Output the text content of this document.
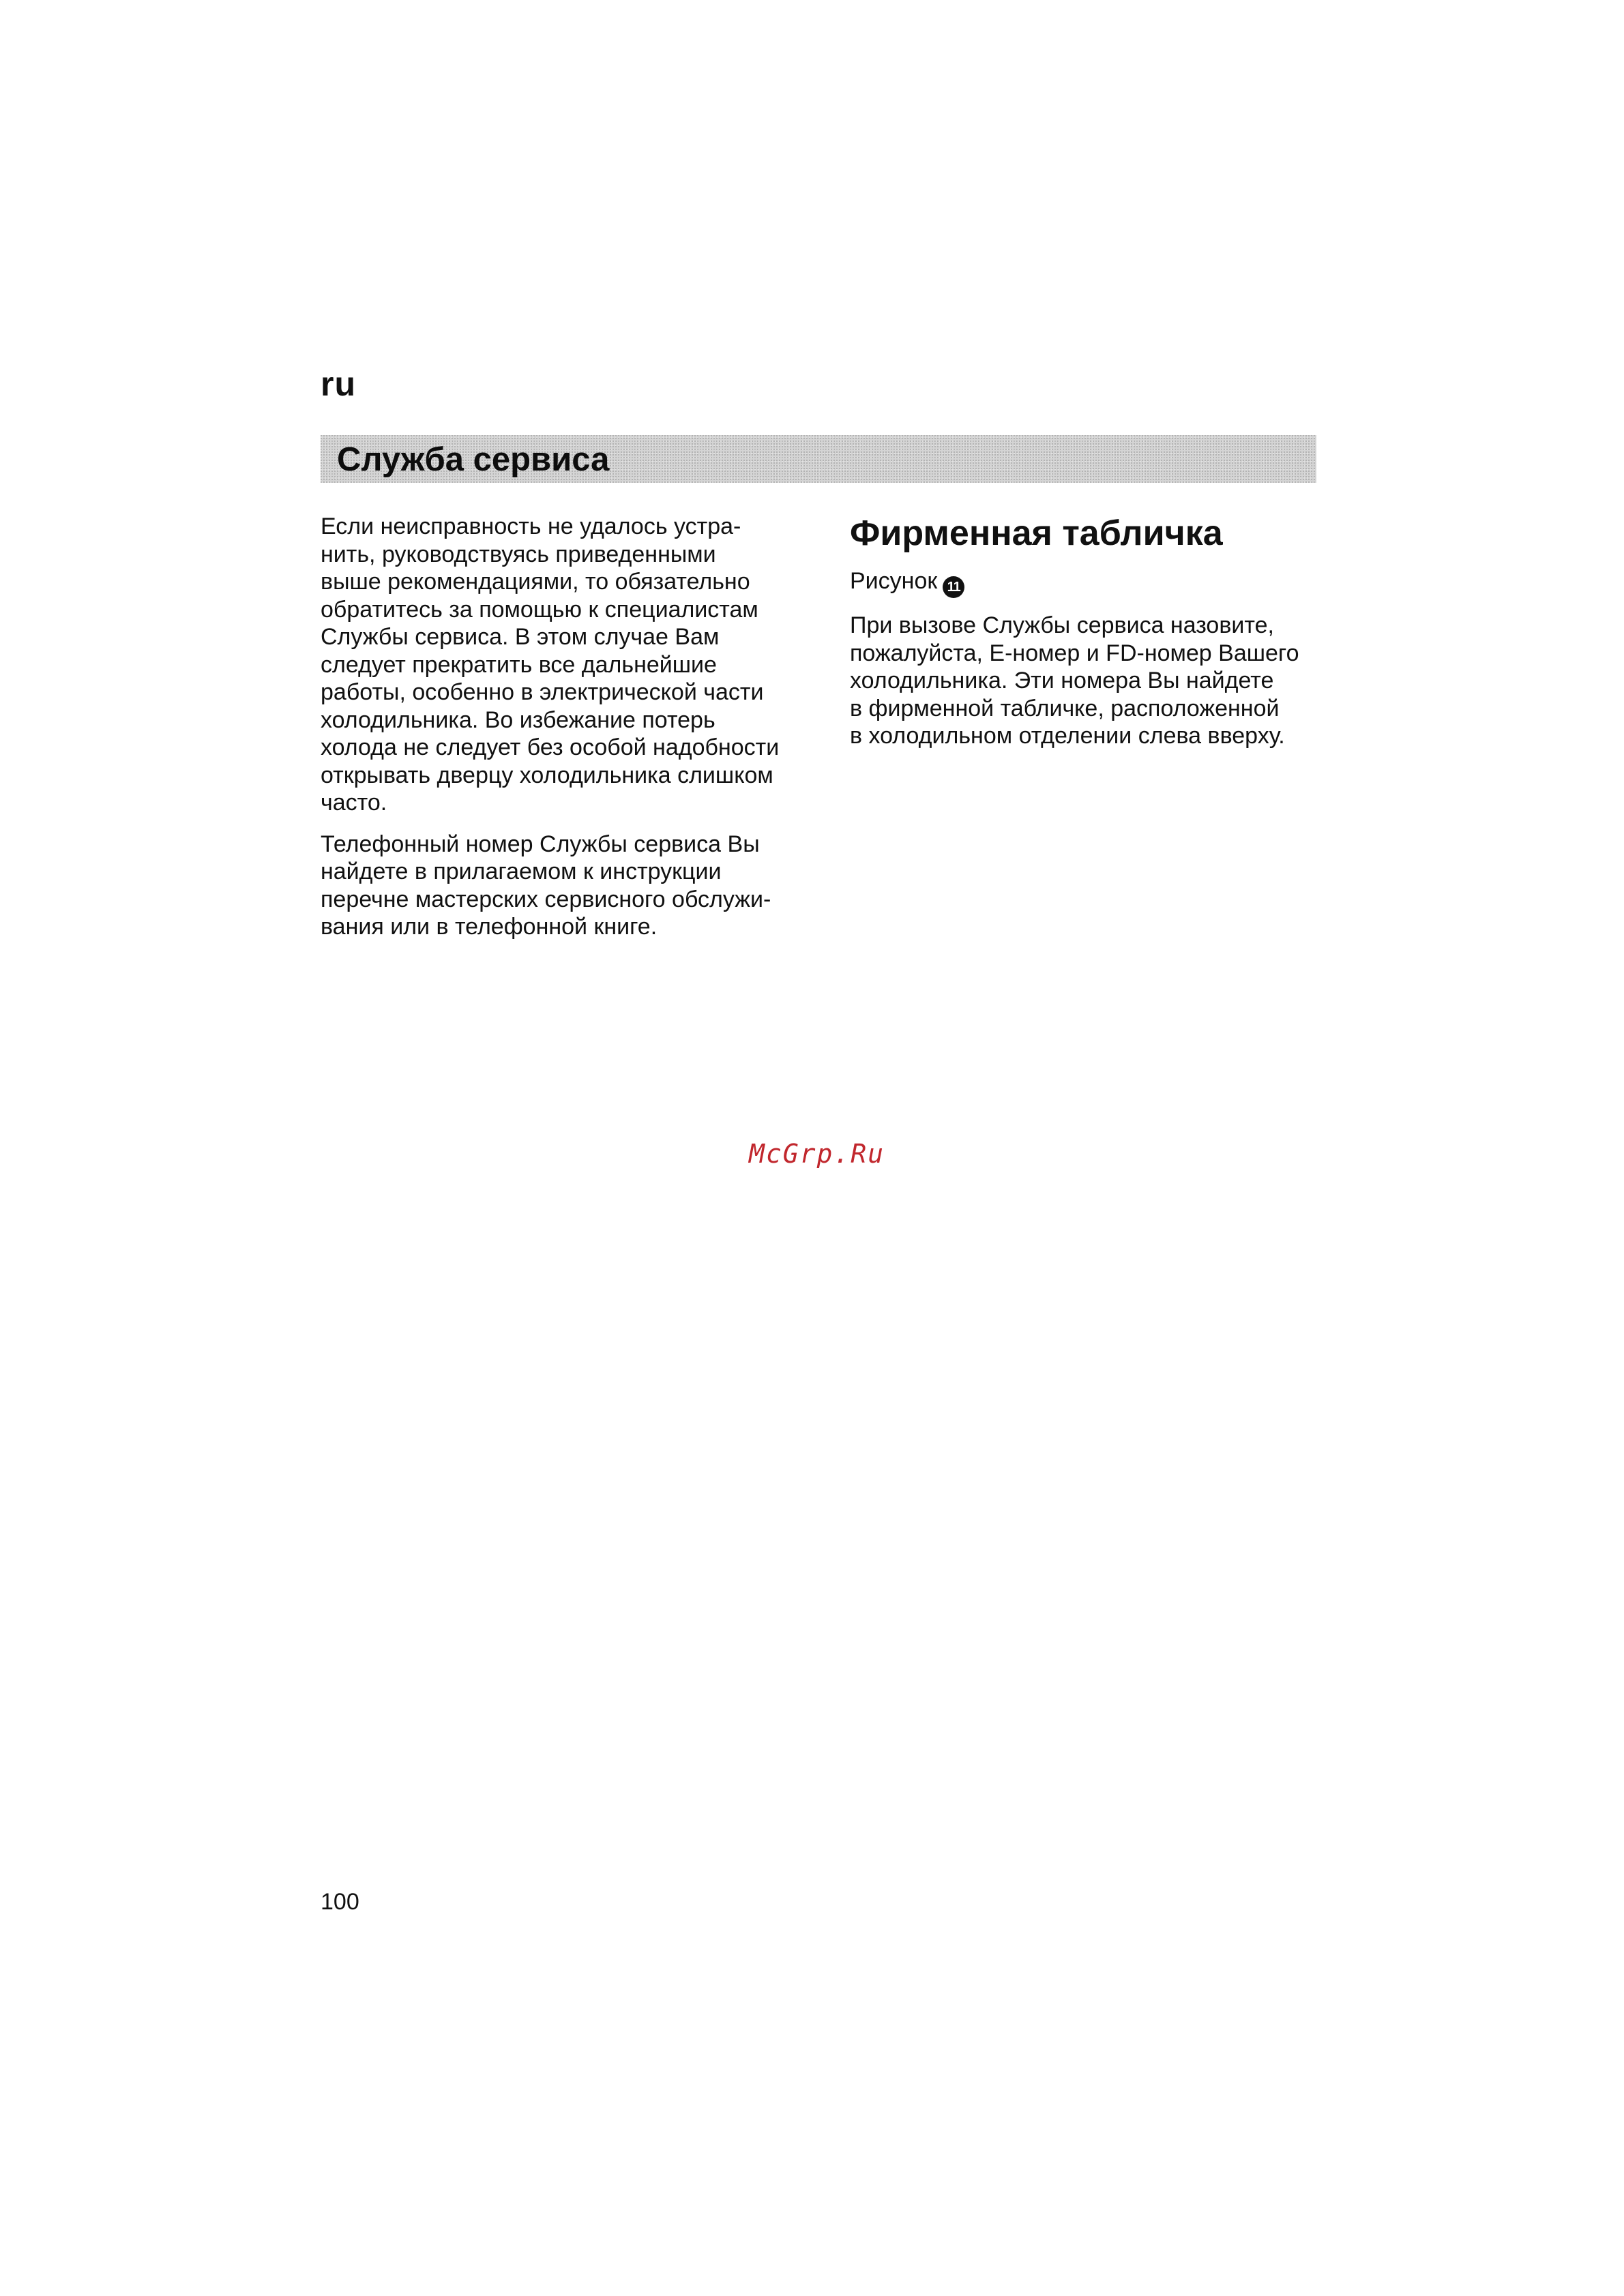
ru
Служба сервиса

Если неисправность не удалось устра-
нить, руководствуясь приведенными
выше рекомендациями, то обязательно
обратитесь за помощью к специалистам
Службы сервиса. В этом случае Вам
следует прекратить все дальнейшие
работы, особенно в электрической части
холодильника. Во избежание потерь
холода не следует без особой надобности
открывать дверцу холодильника слишком
часто.

Телефонный номер Службы сервиса Вы
найдете в прилагаемом к инструкции
перечне мастерских сервисного обслужи-
вания или в телефонной книге.

Фирменная табличка
Рисунок 11

При вызове Службы сервиса назовите,
пожалуйста, E-номер и FD-номер Вашего
холодильника. Эти номера Вы найдете
в фирменной табличке, расположенной
в холодильном отделении слева вверху.

McGrp.Ru
100
